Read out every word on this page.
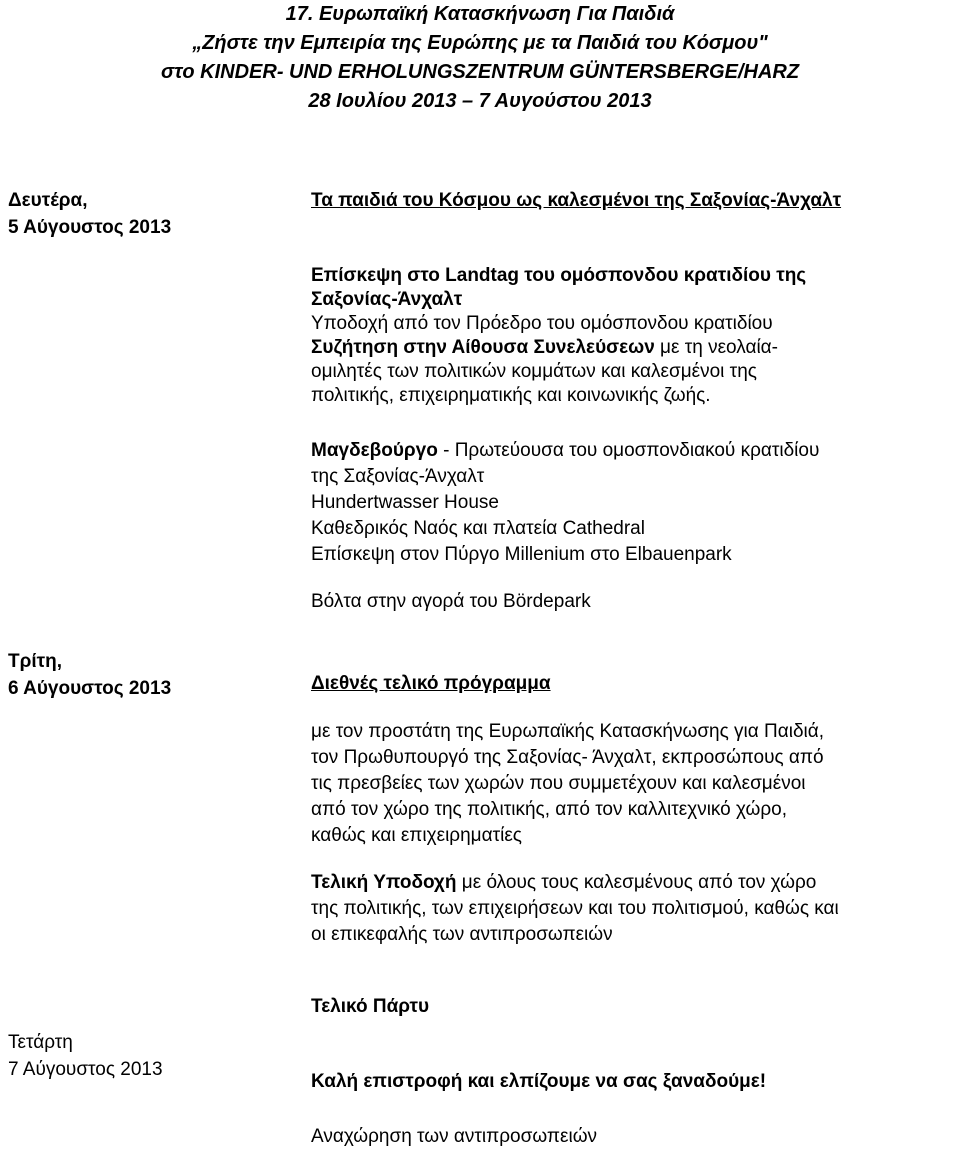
17. Ευρωπαϊκή Κατασκήνωση Για Παιδιά
„Ζήστε την Εμπειρία της Ευρώπης με τα Παιδιά του Κόσμου"
στο KINDER- UND ERHOLUNGSZENTRUM GÜNTERSBERGE/HARZ
28 Ιουλίου 2013 – 7 Αυγούστου 2013
Δευτέρα,
5 Αύγουστος 2013
Τα παιδιά του Κόσμου ως καλεσμένοι της Σαξονίας-Άνχαλτ
Επίσκεψη στο Landtag του ομόσπονδου κρατιδίου της
Σαξονίας-Άνχαλτ
Υποδοχή από τον Πρόεδρο του ομόσπονδου κρατιδίου
Συζήτηση στην Αίθουσα Συνελεύσεων με τη νεολαία-
ομιλητές των πολιτικών κομμάτων και καλεσμένοι της
πολιτικής, επιχειρηματικής και κοινωνικής ζωής.
Μαγδεβούργο - Πρωτεύουσα του ομοσπονδιακού κρατιδίου
της Σαξονίας-Άνχαλτ
Hundertwasser House
Καθεδρικός Ναός και πλατεία Cathedral
Επίσκεψη στον Πύργο Millenium στο Elbauenpark
Βόλτα στην αγορά του Bördepark
Τρίτη,
6 Αύγουστος 2013	Διεθνές τελικό πρόγραμμα
με τον προστάτη της Ευρωπαϊκής Κατασκήνωσης για Παιδιά,
τον Πρωθυπουργό της Σαξονίας- Άνχαλτ, εκπροσώπους από
τις πρεσβείες των χωρών που συμμετέχουν και καλεσμένοι
από τον χώρο της πολιτικής, από τον καλλιτεχνικό χώρο,
καθώς και επιχειρηματίες
Τελική Υποδοχή με όλους τους καλεσμένους από τον χώρο
της πολιτικής, των επιχειρήσεων και του πολιτισμού, καθώς και
οι επικεφαλής των αντιπροσωπειών
Τελικό Πάρτυ
Τετάρτη
7 Αύγουστος 2013
Καλή επιστροφή και ελπίζουμε να σας ξαναδούμε!
Αναχώρηση των αντιπροσωπειών
